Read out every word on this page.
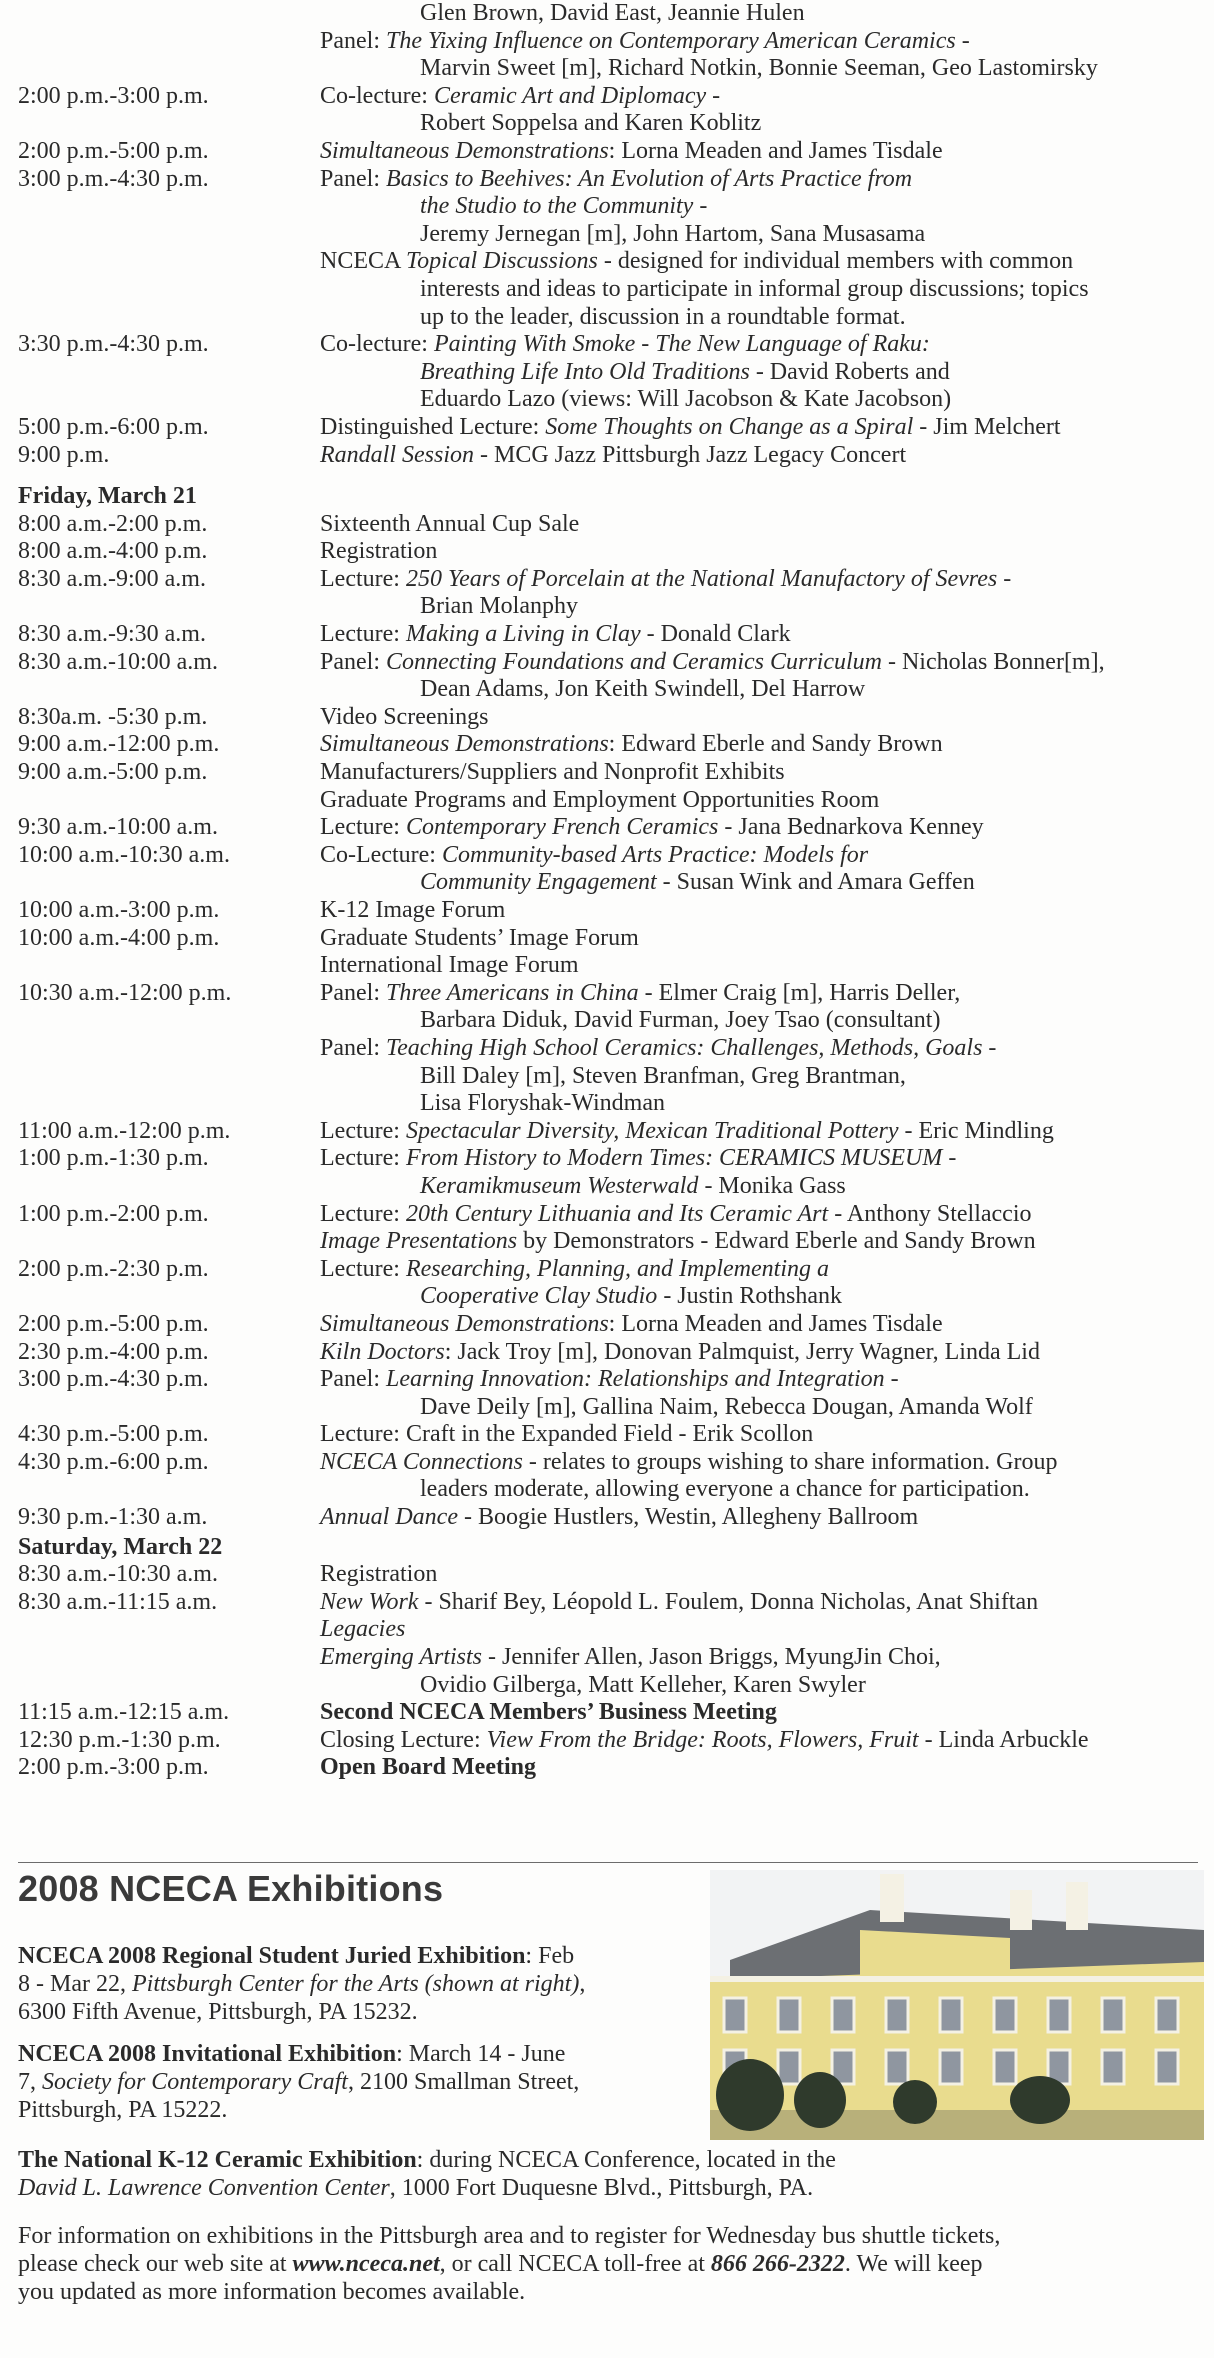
Glen Brown, David East, Jeannie Hulen
Panel: The Yixing Influence on Contemporary American Ceramics -
Marvin Sweet [m], Richard Notkin, Bonnie Seeman, Geo Lastomirsky
2:00 p.m.-3:00 p.m.	Co-lecture: Ceramic Art and Diplomacy -
Robert Soppelsa and Karen Koblitz
2:00 p.m.-5:00 p.m.	Simultaneous Demonstrations: Lorna Meaden and James Tisdale
3:00 p.m.-4:30 p.m.	Panel: Basics to Beehives: An Evolution of Arts Practice from
the Studio to the Community -
Jeremy Jernegan [m], John Hartom, Sana Musasama
NCECA Topical Discussions - designed for individual members with common
interests and ideas to participate in informal group discussions; topics
up to the leader, discussion in a roundtable format.
3:30 p.m.-4:30 p.m.	Co-lecture: Painting With Smoke - The New Language of Raku:
Breathing Life Into Old Traditions - David Roberts and
Eduardo Lazo (views: Will Jacobson & Kate Jacobson)
5:00 p.m.-6:00 p.m.	Distinguished Lecture: Some Thoughts on Change as a Spiral - Jim Melchert
9:00 p.m.	Randall Session - MCG Jazz Pittsburgh Jazz Legacy Concert
Friday, March 21
8:00 a.m.-2:00 p.m.	Sixteenth Annual Cup Sale
8:00 a.m.-4:00 p.m.	Registration
8:30 a.m.-9:00 a.m.	Lecture: 250 Years of Porcelain at the National Manufactory of Sevres -
Brian Molanphy
8:30 a.m.-9:30 a.m.	Lecture: Making a Living in Clay - Donald Clark
8:30 a.m.-10:00 a.m.	Panel: Connecting Foundations and Ceramics Curriculum - Nicholas Bonner[m],
Dean Adams, Jon Keith Swindell, Del Harrow
8:30a.m. -5:30 p.m.	Video Screenings
9:00 a.m.-12:00 p.m.	Simultaneous Demonstrations: Edward Eberle and Sandy Brown
9:00 a.m.-5:00 p.m.	Manufacturers/Suppliers and Nonprofit Exhibits
Graduate Programs and Employment Opportunities Room
9:30 a.m.-10:00 a.m.	Lecture: Contemporary French Ceramics - Jana Bednarkova Kenney
10:00 a.m.-10:30 a.m.	Co-Lecture: Community-based Arts Practice: Models for
Community Engagement - Susan Wink and Amara Geffen
10:00 a.m.-3:00 p.m.	K-12 Image Forum
10:00 a.m.-4:00 p.m.	Graduate Students’ Image Forum
International Image Forum
10:30 a.m.-12:00 p.m.	Panel: Three Americans in China - Elmer Craig [m], Harris Deller,
Barbara Diduk, David Furman, Joey Tsao (consultant)
Panel: Teaching High School Ceramics: Challenges, Methods, Goals -
Bill Daley [m], Steven Branfman, Greg Brantman,
Lisa Floryshak-Windman
11:00 a.m.-12:00 p.m.	Lecture: Spectacular Diversity, Mexican Traditional Pottery - Eric Mindling
1:00 p.m.-1:30 p.m.	Lecture: From History to Modern Times: CERAMICS MUSEUM -
Keramikmuseum Westerwald - Monika Gass
1:00 p.m.-2:00 p.m.	Lecture: 20th Century Lithuania and Its Ceramic Art - Anthony Stellaccio
Image Presentations by Demonstrators - Edward Eberle and Sandy Brown
2:00 p.m.-2:30 p.m.	Lecture: Researching, Planning, and Implementing a
Cooperative Clay Studio - Justin Rothshank
2:00 p.m.-5:00 p.m.	Simultaneous Demonstrations: Lorna Meaden and James Tisdale
2:30 p.m.-4:00 p.m.	Kiln Doctors: Jack Troy [m], Donovan Palmquist, Jerry Wagner, Linda Lid
3:00 p.m.-4:30 p.m.	Panel: Learning Innovation: Relationships and Integration -
Dave Deily [m], Gallina Naim, Rebecca Dougan, Amanda Wolf
4:30 p.m.-5:00 p.m.	Lecture: Craft in the Expanded Field - Erik Scollon
4:30 p.m.-6:00 p.m.	NCECA Connections - relates to groups wishing to share information. Group
leaders moderate, allowing everyone a chance for participation.
9:30 p.m.-1:30 a.m.	Annual Dance - Boogie Hustlers, Westin, Allegheny Ballroom
Saturday, March 22
8:30 a.m.-10:30 a.m.	Registration
8:30 a.m.-11:15 a.m.	New Work - Sharif Bey, Léopold L. Foulem, Donna Nicholas, Anat Shiftan
Legacies
Emerging Artists - Jennifer Allen, Jason Briggs, MyungJin Choi,
Ovidio Gilberga, Matt Kelleher, Karen Swyler
11:15 a.m.-12:15 a.m.	Second NCECA Members’ Business Meeting
12:30 p.m.-1:30 p.m.	Closing Lecture: View From the Bridge: Roots, Flowers, Fruit - Linda Arbuckle
2:00 p.m.-3:00 p.m.	Open Board Meeting
2008 NCECA Exhibitions
NCECA 2008 Regional Student Juried Exhibition: Feb
8 - Mar 22, Pittsburgh Center for the Arts (shown at right),
6300 Fifth Avenue, Pittsburgh, PA 15232.
NCECA 2008 Invitational Exhibition: March 14 - June
7, Society for Contemporary Craft, 2100 Smallman Street,
Pittsburgh, PA 15222.
The National K-12 Ceramic Exhibition: during NCECA Conference, located in the
David L. Lawrence Convention Center, 1000 Fort Duquesne Blvd., Pittsburgh, PA.
For information on exhibitions in the Pittsburgh area and to register for Wednesday bus shuttle tickets,
please check our web site at www.nceca.net, or call NCECA toll-free at 866 266-2322. We will keep
you updated as more information becomes available.
